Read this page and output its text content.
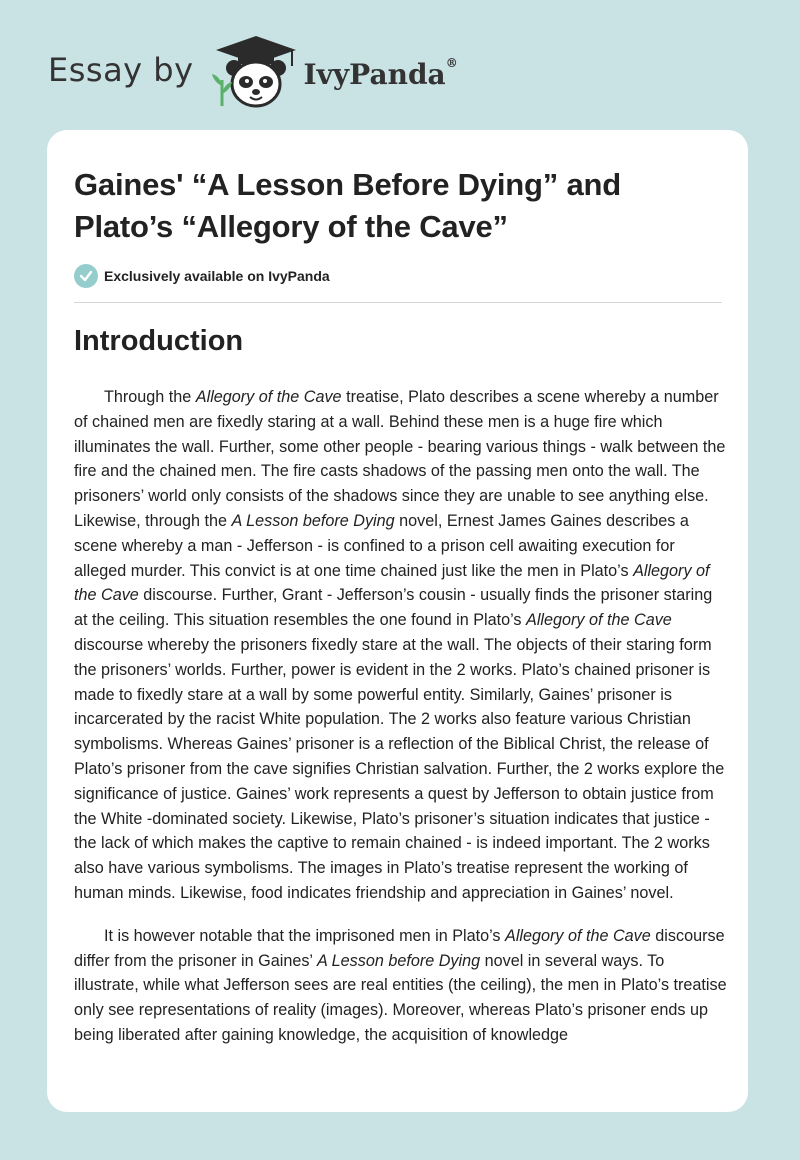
Essay by	IvyPanda®
Gaines' “A Lesson Before Dying” and Plato’s “Allegory of the Cave”
Exclusively available on IvyPanda
Introduction

Through the Allegory of the Cave treatise, Plato describes a scene whereby a number of chained men are fixedly staring at a wall. Behind these men is a huge fire which illuminates the wall. Further, some other people - bearing various things - walk between the fire and the chained men. The fire casts shadows of the passing men onto the wall. The prisoners’ world only consists of the shadows since they are unable to see anything else. Likewise, through the A Lesson before Dying novel, Ernest James Gaines describes a scene whereby a man - Jefferson - is confined to a prison cell awaiting execution for alleged murder. This convict is at one time chained just like the men in Plato’s Allegory of the Cave discourse. Further, Grant - Jefferson’s cousin - usually finds the prisoner staring at the ceiling. This situation resembles the one found in Plato’s Allegory of the Cave discourse whereby the prisoners fixedly stare at the wall. The objects of their staring form the prisoners’ worlds. Further, power is evident in the 2 works. Plato’s chained prisoner is made to fixedly stare at a wall by some powerful entity. Similarly, Gaines’ prisoner is incarcerated by the racist White population. The 2 works also feature various Christian symbolisms. Whereas Gaines’ prisoner is a reflection of the Biblical Christ, the release of Plato’s prisoner from the cave signifies Christian salvation. Further, the 2 works explore the significance of justice. Gaines’ work represents a quest by Jefferson to obtain justice from the White -dominated society. Likewise, Plato’s prisoner’s situation indicates that justice - the lack of which makes the captive to remain chained - is indeed important. The 2 works also have various symbolisms. The images in Plato’s treatise represent the working of human minds. Likewise, food indicates friendship and appreciation in Gaines’ novel.

It is however notable that the imprisoned men in Plato’s Allegory of the Cave discourse differ from the prisoner in Gaines’ A Lesson before Dying novel in several ways. To illustrate, while what Jefferson sees are real entities (the ceiling), the men in Plato’s treatise only see representations of reality (images). Moreover, whereas Plato’s prisoner ends up being liberated after gaining knowledge, the acquisition of knowledge
